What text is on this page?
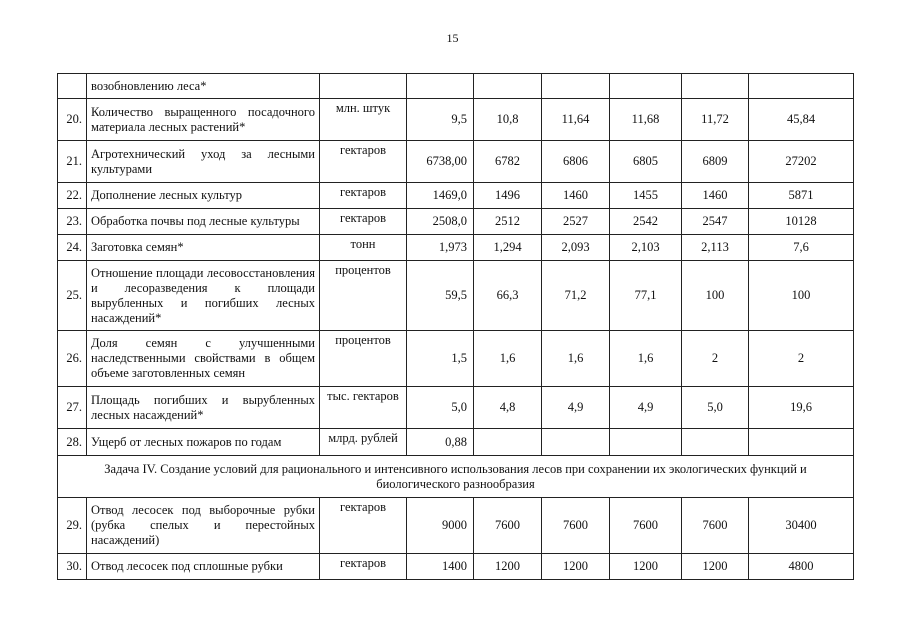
15
	возобновлению леса*							
20.	Количество выращенного посадочного материала лесных растений*	млн. штук	9,5	10,8	11,64	11,68	11,72	45,84
21.	Агротехнический уход за лесными культурами	гектаров	6738,00	6782	6806	6805	6809	27202
22.	Дополнение лесных культур	гектаров	1469,0	1496	1460	1455	1460	5871
23.	Обработка почвы под лесные культуры	гектаров	2508,0	2512	2527	2542	2547	10128
24.	Заготовка семян*	тонн	1,973	1,294	2,093	2,103	2,113	7,6
25.	Отношение площади лесовосстановления и лесоразведения к площади вырубленных и погибших лесных насаждений*	процентов	59,5	66,3	71,2	77,1	100	100
26.	Доля семян с улучшенными наследственными свойствами в общем объеме заготовленных семян	процентов	1,5	1,6	1,6	1,6	2	2
27.	Площадь погибших и вырубленных лесных насаждений*	тыс. гектаров	5,0	4,8	4,9	4,9	5,0	19,6
28.	Ущерб от лесных пожаров по годам	млрд. рублей	0,88					
Задача IV. Создание условий для рационального и интенсивного использования лесов при сохранении их экологических функций и биологического разнообразия								
29.	Отвод лесосек под выборочные рубки (рубка спелых и перестойных насаждений)	гектаров	9000	7600	7600	7600	7600	30400
30.	Отвод лесосек под сплошные рубки	гектаров	1400	1200	1200	1200	1200	4800
